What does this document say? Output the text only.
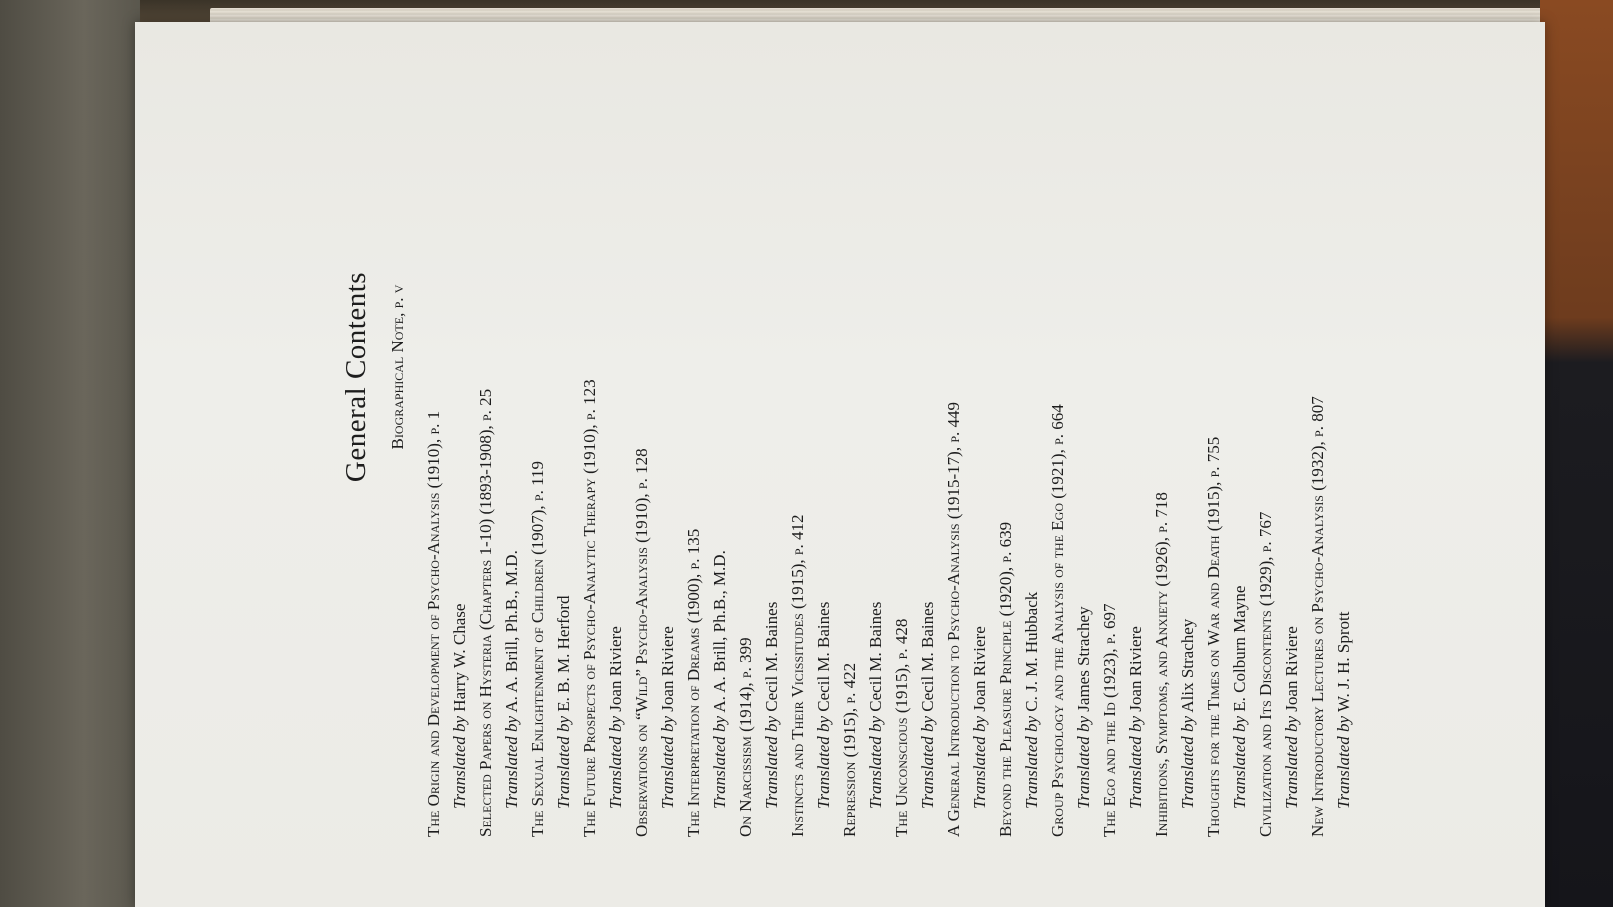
General Contents Biographical Note, p. v
The Origin and Development of Psycho-Analysis (1910), p. 1 Translated by Harry W. Chase Selected Papers on Hysteria (Chapters 1-10) (1893-1908), p. 25 Translated by A. A. Brill, Ph.B., M.D. The Sexual Enlightenment of Children (1907), p. 119 Translated by E. B. M. Herford The Future Prospects of Psycho-Analytic Therapy (1910), p. 123 Translated by Joan Riviere Observations on “Wild” Psycho-Analysis (1910), p. 128 Translated by Joan Riviere The Interpretation of Dreams (1900), p. 135 Translated by A. A. Brill, Ph.B., M.D.
On Narcissism (1914), p. 399 Translated by Cecil M. Baines Instincts and Their Vicissitudes (1915), p. 412 Translated by Cecil M. Baines
Repression (1915), p. 422 Translated by Cecil M. Baines The Unconscious (1915), p. 428 Translated by Cecil M. Baines A General Introduction to Psycho-Analysis (1915-17), p. 449 Translated by Joan Riviere Beyond the Pleasure Principle (1920), p. 639 Translated by C. J. M. Hubback Group Psychology and the Analysis of the Ego (1921), p. 664 Translated by James Strachey The Ego and the Id (1923), p. 697 Translated by Joan Riviere Inhibitions, Symptoms, and Anxiety (1926), p. 718 Translated by Alix Strachey Thoughts for the Times on War and Death (1915), p. 755 Translated by E. Colburn Mayne Civilization and Its Discontents (1929), p. 767 Translated by Joan Riviere New Introductory Lectures on Psycho-Analysis (1932), p. 807 Translated by W. J. H. Sprott
